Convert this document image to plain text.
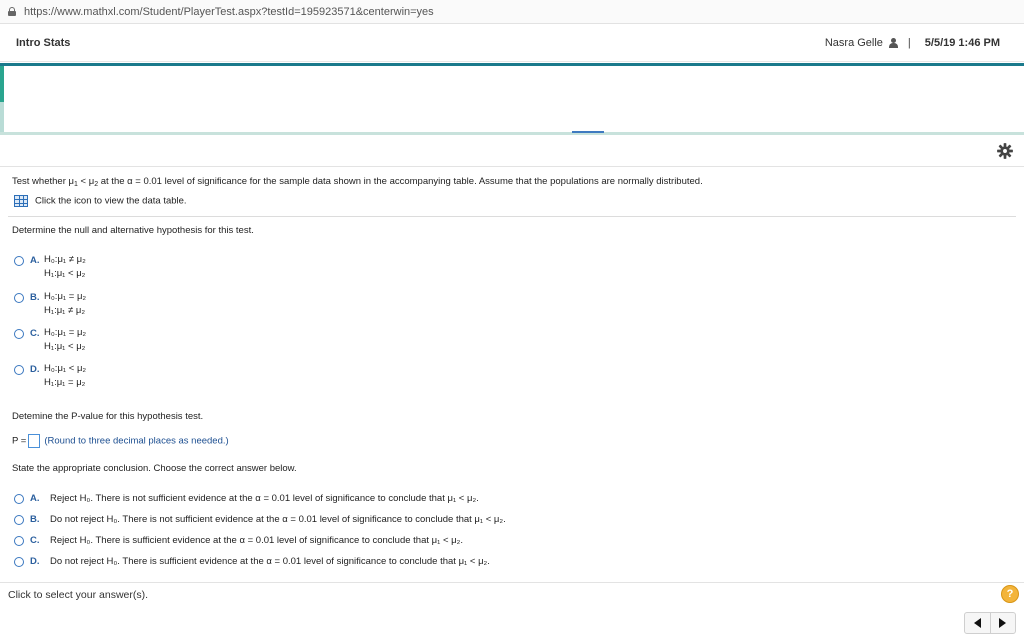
https://www.mathxl.com/Student/PlayerTest.aspx?testId=195923571&centerwin=yes
Intro Stats	Nasra Gelle | 5/5/19 1:46 PM
Test whether $\mu_1 < \mu_2$ at the α = 0.01 level of significance for the sample data shown in the accompanying table. Assume that the populations are normally distributed.
Click the icon to view the data table.
Determine the null and alternative hypothesis for this test.
A. H₀:μ₁ ≠ μ₂
H₁:μ₁ < μ₂
B. H₀:μ₁ = μ₂
H₁:μ₁ ≠ μ₂
C. H₀:μ₁ = μ₂
H₁:μ₁ < μ₂
D. H₀:μ₁ < μ₂
H₁:μ₁ = μ₂
Detemine the P-value for this hypothesis test.
P = (Round to three decimal places as needed.)
State the appropriate conclusion. Choose the correct answer below.
A.	Reject H₀. There is not sufficient evidence at the α = 0.01 level of significance to conclude that μ₁ < μ₂.
B.	Do not reject H₀. There is not sufficient evidence at the α = 0.01 level of significance to conclude that μ₁ < μ₂.
C.	Reject H₀. There is sufficient evidence at the α = 0.01 level of significance to conclude that μ₁ < μ₂.
D.	Do not reject H₀. There is sufficient evidence at the α = 0.01 level of significance to conclude that μ₁ < μ₂.
Click to select your answer(s).	?
